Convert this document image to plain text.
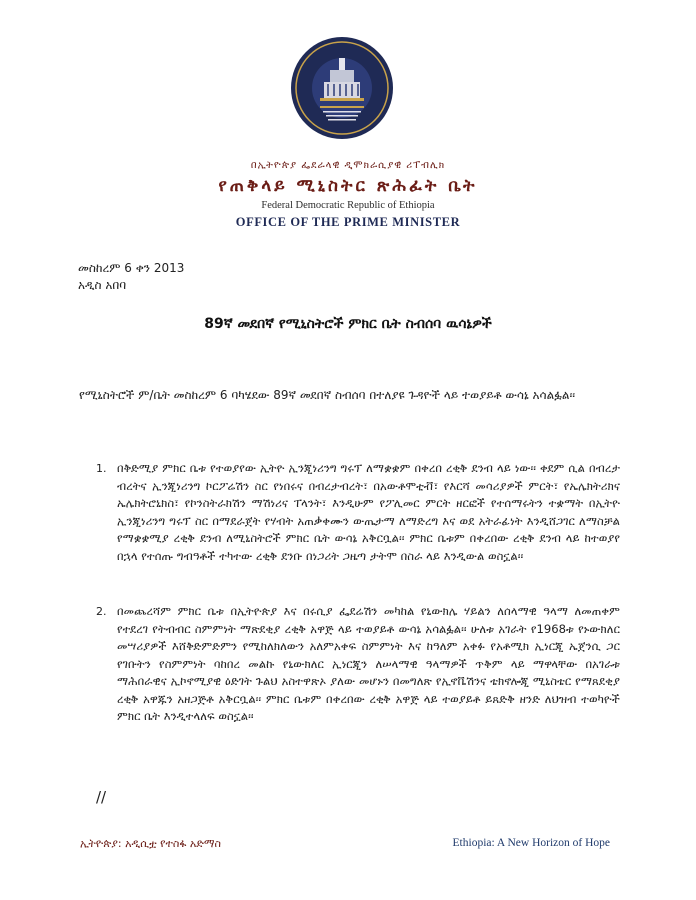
በኢትዮጵያ ፌደራላዊ ዲሞክራሲያዊ ሪፐብሊክ
የጠቅላይ ሚኒስትር ጽሕፈት ቤት
Federal Democratic Republic of Ethiopia
OFFICE OF THE PRIME MINISTER
መስከረም 6 ቀን 2013
አዲስ አበባ
89ኛ መደበኛ የሚኒስትሮች ምክር ቤት ስብሰባ ዉሳኔዎች
የሚኒስትሮች ም/ቤት መስከረም 6 ባካሄደው 89ኛ መደበኛ ስብሰባ በተለያዩ ጉዳዮች ላይ ተወያይቶ ውሳኔ አሳልፏል፡፡
1. በቅድሚያ ምክር ቤቱ የተወያየው ኢትዮ ኢንጂነሪንግ ግሩፕ ለማቋቋም በቀረበ ረቂቅ ደንብ ላይ ነው፡፡ ቀደም ሲል በብረታ ብረትና ኢንጂነሪንግ ኮርፖሬሽን ስር የነበሩና በብረታብረት፣ በአውቶሞቲቭ፣ የእርሻ መሳሪያዎች ምርት፣ የኤሌክትሪክና ኤሌክትሮኒክስ፣ የኮንስትራክሽን ማሽነሪና ፐላንት፣ እንዲሁም የፖሊመር ምርት ዘርፎች የተሰማሩትን ተቋማት በኢትዮ ኢንጂነሪንግ ግሩፕ ስር በማደራጀት የሃብት አጠቃቀሙን ውጤታማ ለማድረግ እና ወደ አትራፊነት እንዲሸጋገር ለማስቻል የማቋቋሚያ ረቂቅ ደንብ ለሚኒስትሮች ምክር ቤት ውሳኔ አቅርቧል፡፡ ምክር ቤቱም በቀረበው ረቂቅ ደንብ ላይ ከተወያየ በኋላ የተሰጡ ግብዓቶች ተካተው ረቂቅ ደንቡ በነጋሪት ጋዜጣ ታትሞ በስራ ላይ እንዲውል ወስኗል፡፡
2. በመጨረሻም ምክር ቤቱ በኢትዮጵያ እና በሩሲያ ፌደሬሽን መካከል የኒውክሌ ሃይልን ለሰላማዊ ዓላማ ለመጠቀም የተደረገ የትብብር ስምምነት ማጽደቂያ ረቂቅ አዋጅ ላይ ተወያይቶ ውሳኔ አሳልፏል፡፡ ሁለቱ አገራት የ1968ቱ የኑውክለር መሣሪያዎች እሸቅድምድምን የሚከለክለውን አለምአቀፍ ስምምነት እና ከዓለም አቀፉ የአቶሚክ ኢነርጂ ኤጀንሲ ጋር የገቡትን የስምምነት ባከበረ መልኩ የኒውክለር ኢነርጂን ለሠላማዊ ዓላማዎች ጥቅም ላይ ማዋላቸው በአገራቱ ማሕበራዊና ኢኮኖሚያዊ ዕድገት ጉልህ አስተዋጽኦ ያለው መሆኑን በመግለጽ የኢኖቬሽንና ቴክኖሎጂ ሚኒስቴር የማጸደቂያ ረቂቅ አዋጁን አዘጋጅቶ አቅርቧል፡፡ ምክር ቤቱም በቀረበው ረቂቅ አዋጅ ላይ ተወያይቶ ይጸድቅ ዘንድ ለህዝብ ተወካዮች ምክር ቤት እንዲተላለፍ ወስኗል፡፡
//
ኢትዮጵያ: አዲሲቷ የተስፋ አድማስ	Ethiopia: A New Horizon of Hope
